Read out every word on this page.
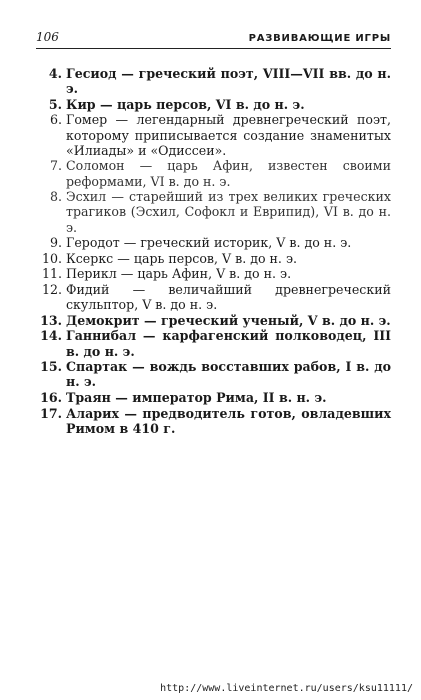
106	РАЗВИВАЮЩИЕ ИГРЫ
4. Гесиод — греческий поэт, VIII—VII вв. до н. э.
5. Кир — царь персов, VI в. до н. э.
6. Гомер — легендарный древнегреческий поэт, которому приписывается создание знаменитых «Илиады» и «Одиссеи».
7. Соломон — царь Афин, известен своими реформами, VI в. до н. э.
8. Эсхил — старейший из трех великих греческих трагиков (Эсхил, Софокл и Еврипид), VI в. до н. э.
9. Геродот — греческий историк, V в. до н. э.
10. Ксеркс — царь персов, V в. до н. э.
11. Перикл — царь Афин, V в. до н. э.
12. Фидий — величайший древнегреческий скульптор, V в. до н. э.
13. Демокрит — греческий ученый, V в. до н. э.
14. Ганнибал — карфагенский полководец, III в. до н. э.
15. Спартак — вождь восставших рабов, I в. до н. э.
16. Траян — император Рима, II в. н. э.
17. Аларих — предводитель готов, овладевших Римом в 410 г.
http://www.liveinternet.ru/users/ksu11111/
